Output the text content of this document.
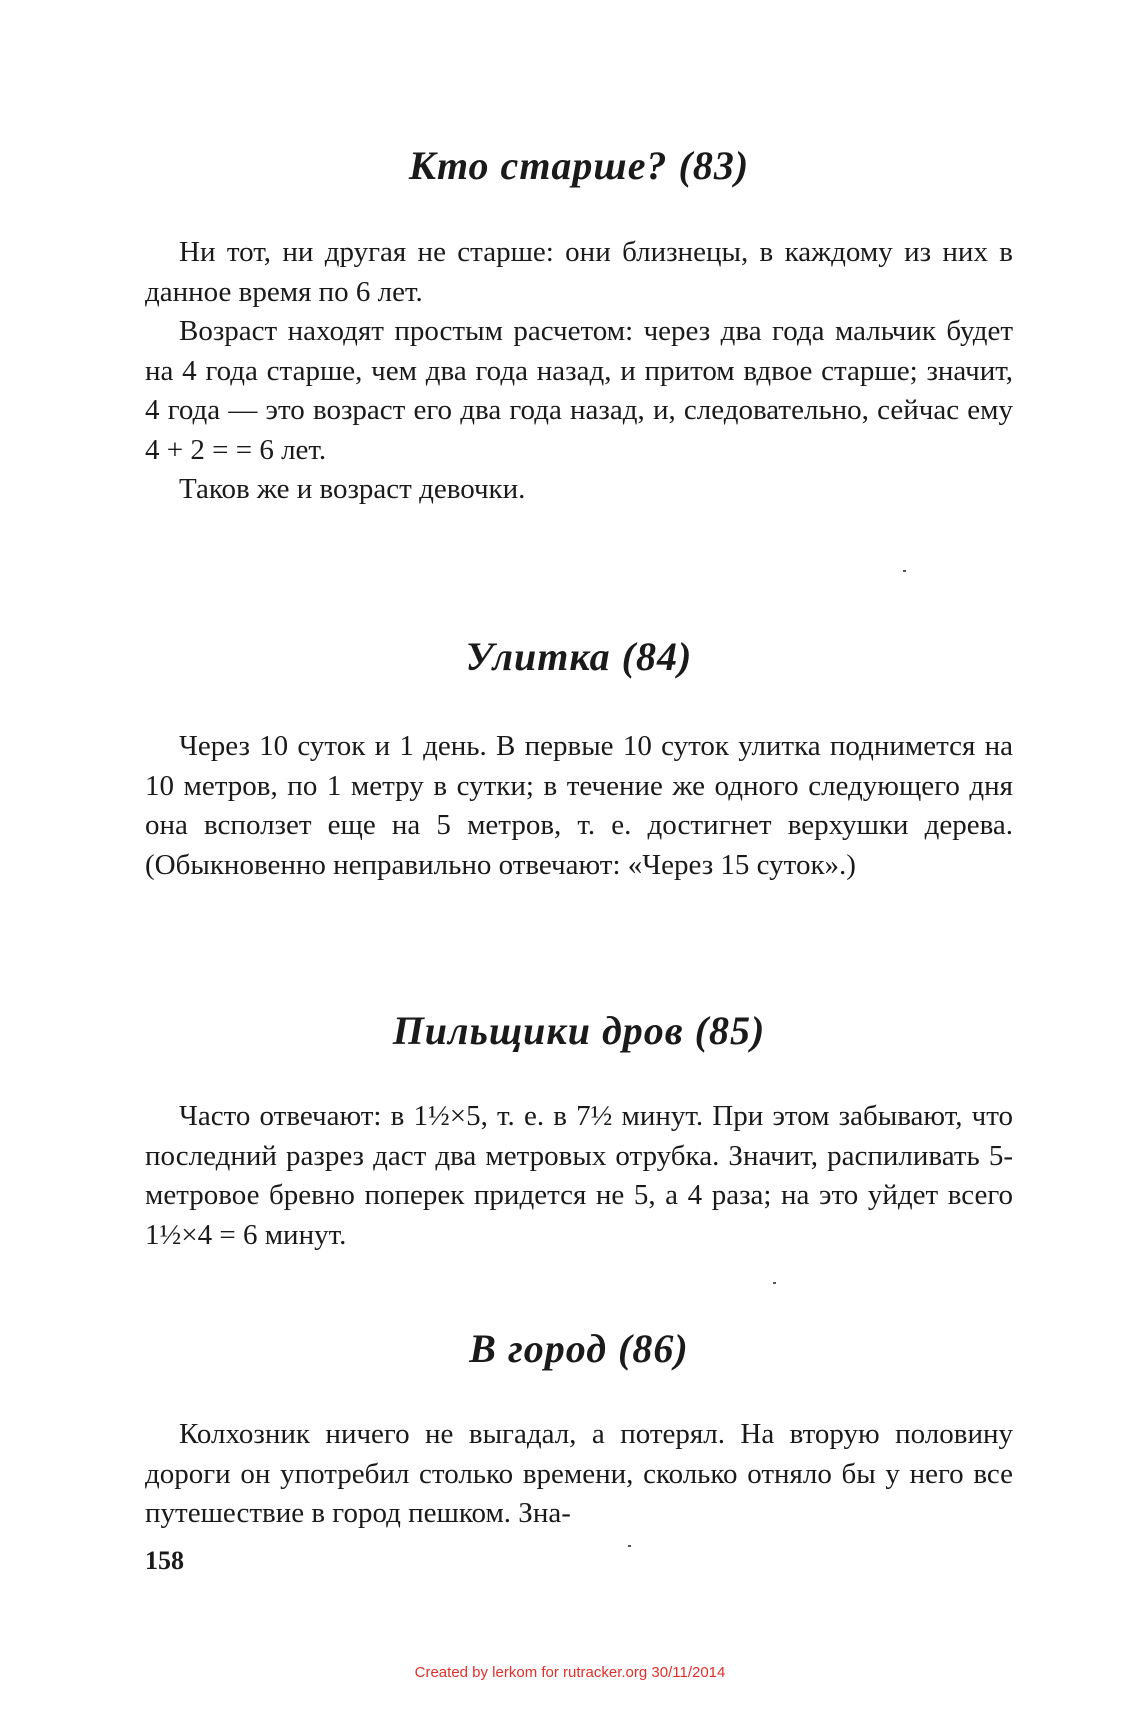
Кто старше? (83)

Ни тот, ни другая не старше: они близнецы, в каждому из них в данное время по 6 лет.

Возраст находят простым расчетом: через два года мальчик будет на 4 года старше, чем два года назад, и притом вдвое старше; значит, 4 года — это возраст его два года назад, и, следовательно, сейчас ему 4 + 2 = = 6 лет.

Таков же и возраст девочки.

Улитка (84)

Через 10 суток и 1 день. В первые 10 суток улитка поднимется на 10 метров, по 1 метру в сутки; в течение же одного следующего дня она всползет еще на 5 метров, т. е. достигнет верхушки дерева. (Обыкновенно неправильно отвечают: «Через 15 суток».)

Пильщики дров (85)

Часто отвечают: в 1½×5, т. е. в 7½ минут. При этом забывают, что последний разрез даст два метровых отрубка. Значит, распиливать 5-метровое бревно поперек придется не 5, а 4 раза; на это уйдет всего 1½×4 = 6 минут.

В город (86)

Колхозник ничего не выгадал, а потерял. На вторую половину дороги он употребил столько времени, сколько отняло бы у него все путешествие в город пешком. Зна-

158
Created by lerkom for rutracker.org 30/11/2014
